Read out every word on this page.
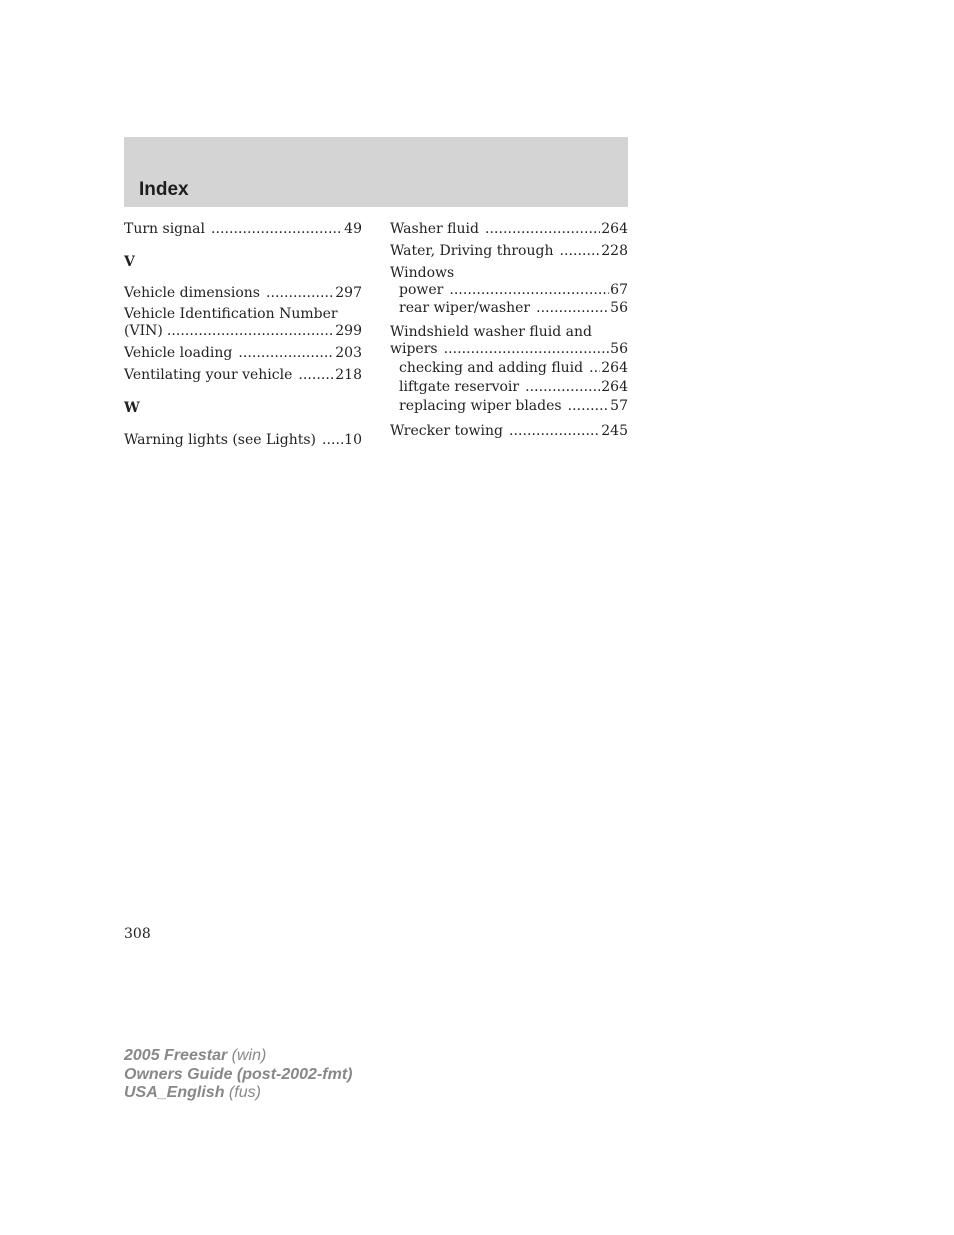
Index
Turn signal . . .	49
V
Vehicle dimensions . . .	297
Vehicle Identification Number
(VIN) . . .	299
Vehicle loading . . .	203
Ventilating your vehicle . . .	218
W
Warning lights (see Lights) . . . 10
Washer fluid . . .	264
Water, Driving through . . .	228
Windows
power . . .	67
rear wiper/washer . . .	56
Windshield washer fluid and
wipers . . .	56
checking and adding fluid . . . 264
liftgate reservoir . . .	264
replacing wiper blades . . .	57
Wrecker towing . . .	245
308
2005 Freestar (win)
Owners Guide (post-2002-fmt)
USA_English (fus)
